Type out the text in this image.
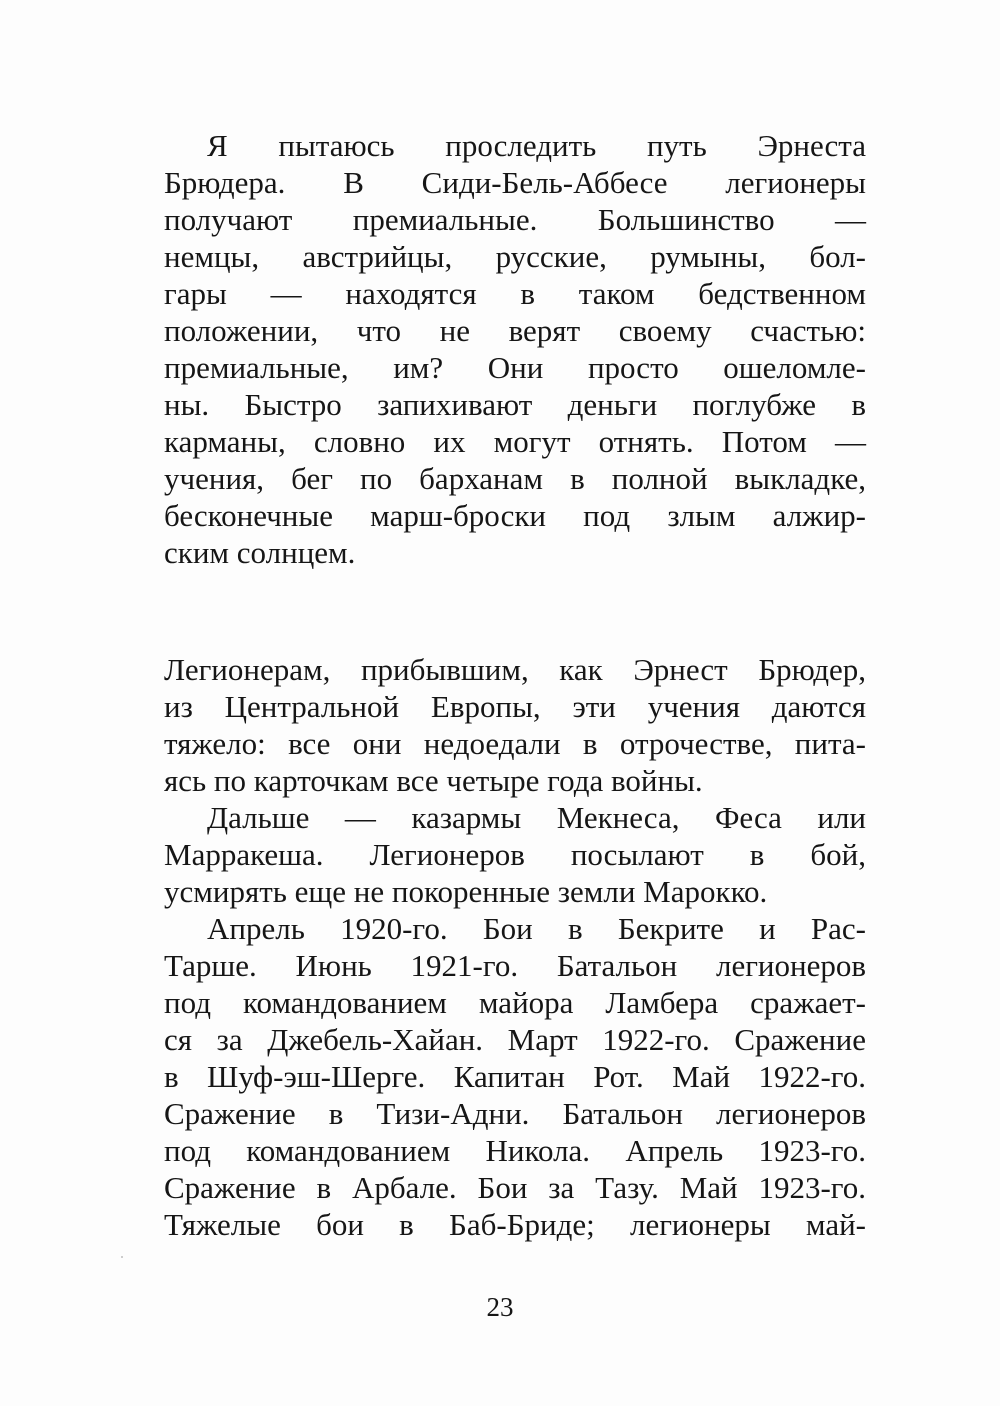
Я пытаюсь проследить путь Эрнеста
Брюдера. В Сиди-Бель-Аббесе легионеры
получают премиальные. Большинство —
немцы, австрийцы, русские, румыны, бол-
гары — находятся в таком бедственном
положении, что не верят своему счастью:
премиальные, им? Они просто ошеломле-
ны. Быстро запихивают деньги поглубже в
карманы, словно их могут отнять. Потом —
учения, бег по барханам в полной выкладке,
бесконечные марш-броски под злым алжир-
ским солнцем.
Легионерам, прибывшим, как Эрнест Брюдер,
из Центральной Европы, эти учения даются
тяжело: все они недоедали в отрочестве, пита-
ясь по карточкам все четыре года войны.
Дальше — казармы Мекнеса, Феса или
Марракеша. Легионеров посылают в бой,
усмирять еще не покоренные земли Марокко.
Апрель 1920-го. Бои в Бекрите и Рас-
Тарше. Июнь 1921-го. Батальон легионеров
под командованием майора Ламбера сражает-
ся за Джебель-Хайан. Март 1922-го. Сражение
в Шуф-эш-Шерге. Капитан Рот. Май 1922-го.
Сражение в Тизи-Адни. Батальон легионеров
под командованием Никола. Апрель 1923-го.
Сражение в Арбале. Бои за Тазу. Май 1923-го.
Тяжелые бои в Баб-Бриде; легионеры май-
23
